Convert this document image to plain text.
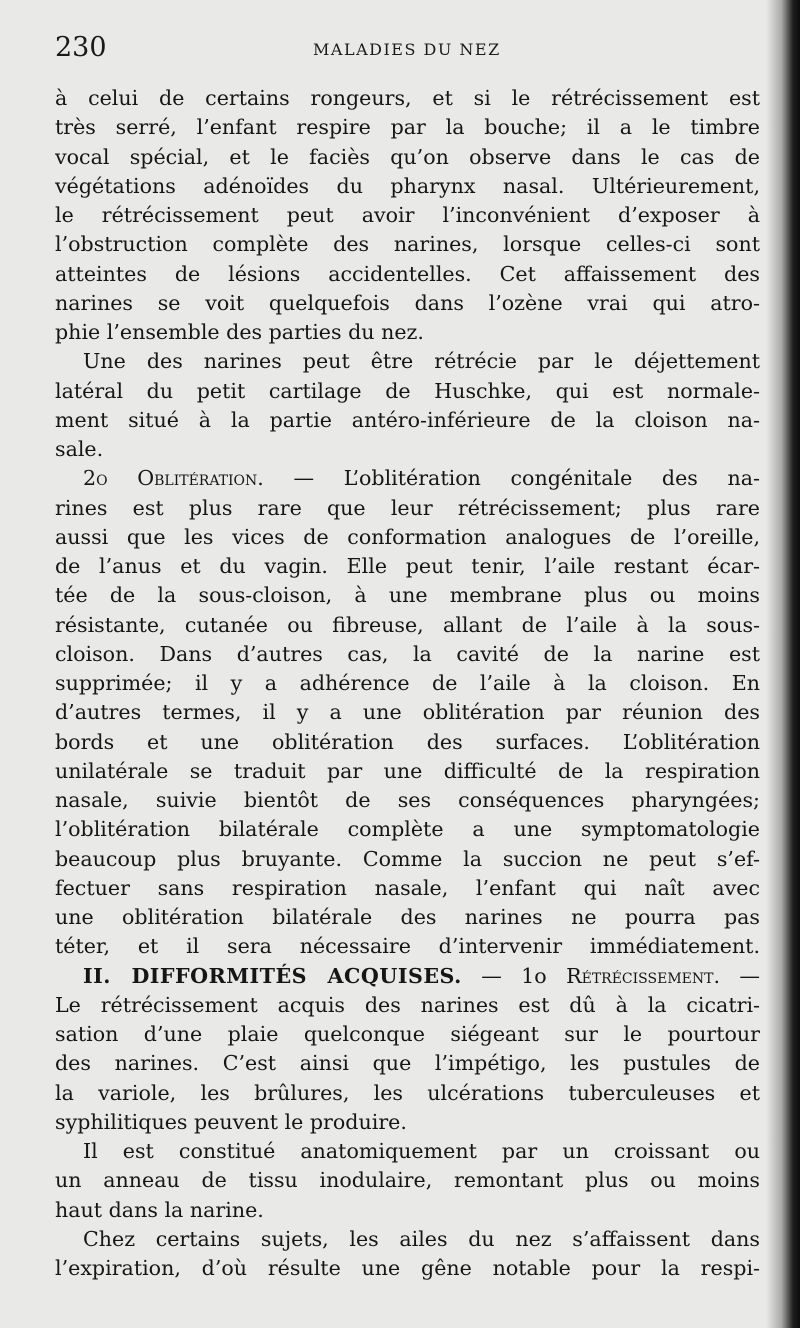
230	MALADIES DU NEZ
à celui de certains rongeurs, et si le rétrécissement est
très serré, l’enfant respire par la bouche; il a le timbre
vocal spécial, et le faciès qu’on observe dans le cas de
végétations adénoïdes du pharynx nasal. Ultérieurement,
le rétrécissement peut avoir l’inconvénient d’exposer à
l’obstruction complète des narines, lorsque celles-ci sont
atteintes de lésions accidentelles. Cet affaissement des
narines se voit quelquefois dans l’ozène vrai qui atro-
phie l’ensemble des parties du nez.
Une des narines peut être rétrécie par le déjettement
latéral du petit cartilage de Huschke, qui est normale-
ment situé à la partie antéro-inférieure de la cloison na-
sale.
2o Oblitération. — L’oblitération congénitale des na-
rines est plus rare que leur rétrécissement; plus rare
aussi que les vices de conformation analogues de l’oreille,
de l’anus et du vagin. Elle peut tenir, l’aile restant écar-
tée de la sous-cloison, à une membrane plus ou moins
résistante, cutanée ou fibreuse, allant de l’aile à la sous-
cloison. Dans d’autres cas, la cavité de la narine est
supprimée; il y a adhérence de l’aile à la cloison. En
d’autres termes, il y a une oblitération par réunion des
bords et une oblitération des surfaces. L’oblitération
unilatérale se traduit par une difficulté de la respiration
nasale, suivie bientôt de ses conséquences pharyngées;
l’oblitération bilatérale complète a une symptomatologie
beaucoup plus bruyante. Comme la succion ne peut s’ef-
fectuer sans respiration nasale, l’enfant qui naît avec
une oblitération bilatérale des narines ne pourra pas
téter, et il sera nécessaire d’intervenir immédiatement.
II. DIFFORMITÉS ACQUISES. — 1o Rétrécissement. —
Le rétrécissement acquis des narines est dû à la cicatri-
sation d’une plaie quelconque siégeant sur le pourtour
des narines. C’est ainsi que l’impétigo, les pustules de
la variole, les brûlures, les ulcérations tuberculeuses et
syphilitiques peuvent le produire.
Il est constitué anatomiquement par un croissant ou
un anneau de tissu inodulaire, remontant plus ou moins
haut dans la narine.
Chez certains sujets, les ailes du nez s’affaissent dans
l’expiration, d’où résulte une gêne notable pour la respi-
